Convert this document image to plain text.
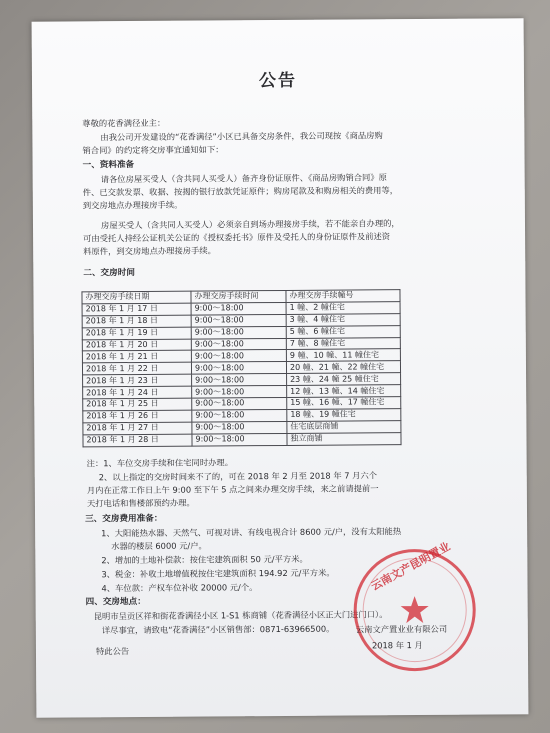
公告
尊敬的花香满径业主：
由我公司开发建设的“花香满径”小区已具备交房条件，我公司现按《商品房购
销合同》的约定将交房事宜通知如下：
一、资料准备
请各位房屋买受人（含共同人买受人）备齐身份证原件、《商品房购销合同》原
件、已交款发票、收据、按揭的银行放款凭证原件；购房尾款及和购房相关的费用等，
到交房地点办理接房手续。
房屋买受人（含共同人买受人）必须亲自到场办理接房手续，若不能亲自办理的，
可由受托人持经公证机关公证的《授权委托书》原件及受托人的身份证原件及前述资
料原件，到交房地点办理接房手续。
二、交房时间
办理交房手续日期	办理交房手续时间	办理交房手续幢号
2018 年 1 月 17 日	9:00～18:00	1 幢、2 幢住宅
2018 年 1 月 18 日	9:00～18:00	3 幢、4 幢住宅
2018 年 1 月 19 日	9:00～18:00	5 幢、6 幢住宅
2018 年 1 月 20 日	9:00～18:00	7 幢、8 幢住宅
2018 年 1 月 21 日	9:00～18:00	9 幢、10 幢、11 幢住宅
2018 年 1 月 22 日	9:00～18:00	20 幢、21 幢、22 幢住宅
2018 年 1 月 23 日	9:00～18:00	23 幢、24 幢 25 幢住宅
2018 年 1 月 24 日	9:00～18:00	12 幢、13 幢、14 幢住宅
2018 年 1 月 25 日	9:00～18:00	15 幢、16 幢、17 幢住宅
2018 年 1 月 26 日	9:00～18:00	18 幢、19 幢住宅
2018 年 1 月 27 日	9:00～18:00	住宅底层商铺
2018 年 1 月 28 日	9:00～18:00	独立商铺
注：1、车位交房手续和住宅同时办理。
2、以上指定的交房时间来不了的，可在 2018 年 2 月至 2018 年 7 月六个
月内在正常工作日上午 9:00 至下午 5 点之间来办理交房手续，来之前请提前一
天打电话和售楼部预约办理。
三、交房费用准备：
1、大阳能热水器、天然气、可视对讲、有线电视合计 8600 元/户，没有太阳能热
水器的楼层 6000 元/户。
2、增加的土地补偿款：按住宅建筑面积 50 元/平方米。
3、税金：补收土地增值税按住宅建筑面积 194.92 元/平方米。
4、车位款：产权车位补收 20000 元/个。
四、交房地点：
昆明市呈贡区祥和街花香满径小区 1-S1 栋商铺（花香满径小区正大门进门口）。
详尽事宜，请致电“花香满径”小区销售部：0871-63966500。
特此公告
云南文产昆明置业
云南文产置业业有限公司
2018 年 1 月
